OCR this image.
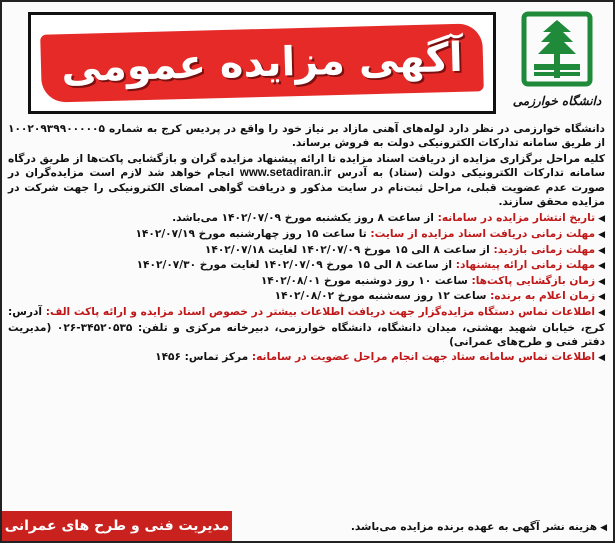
آگهی مزایده عمومی
دانشگاه خوارزمی

دانشگاه خوارزمی در نظر دارد لوله‌های آهنی مازاد بر نیاز خود را واقع در پردیس کرج به شماره ۱۰۰۲۰۹۳۹۹۰۰۰۰۰۵ از طریق سامانه تدارکات الکترونیکی دولت به فروش برساند.

کلیه مراحل برگزاری مزایده از دریافت اسناد مزایده تا ارائه پیشنهاد مزایده گران و بازگشایی پاکت‌ها از طریق درگاه سامانه تدارکات الکترونیکی دولت (ستاد) به آدرس www.setadiran.ir انجام خواهد شد لازم است مزایده‌گران در صورت عدم عضویت قبلی، مراحل ثبت‌نام در سایت مذکور و دریافت گواهی امضای الکترونیکی را جهت شرکت در مزایده محقق سازند.

◀تاریخ انتشار مزایده در سامانه: از ساعت ۸ روز یکشنبه مورخ ۱۴۰۲/۰۷/۰۹ می‌باشد.
◀مهلت زمانی دریافت اسناد مزایده از سایت: تا ساعت ۱۵ روز چهارشنبه مورخ ۱۴۰۲/۰۷/۱۹
◀مهلت زمانی بازدید: از ساعت ۸ الی ۱۵ مورخ ۱۴۰۲/۰۷/۰۹ لغایت ۱۴۰۲/۰۷/۱۸
◀مهلت زمانی ارائه پیشنهاد: از ساعت ۸ الی ۱۵ مورخ ۱۴۰۲/۰۷/۰۹ لغایت مورخ ۱۴۰۲/۰۷/۳۰
◀زمان بازگشایی پاکت‌ها: ساعت ۱۰ روز دوشنبه مورخ ۱۴۰۲/۰۸/۰۱
◀زمان اعلام به برنده: ساعت ۱۲ روز سه‌شنبه مورخ ۱۴۰۲/۰۸/۰۲
◀اطلاعات تماس دستگاه مزایده‌گزار جهت دریافت اطلاعات بیشتر در خصوص اسناد مزایده و ارائه پاکت الف: آدرس: کرج، خیابان شهید بهشتی، میدان دانشگاه، دانشگاه خوارزمی، دبیرخانه مرکزی و تلفن: ۳۴۵۲۰۵۳۵-۰۲۶ (مدیریت دفتر فنی و طرح‌های عمرانی)
◀اطلاعات تماس سامانه ستاد جهت انجام مراحل عضویت در سامانه: مرکز تماس: ۱۴۵۶
◀هزینه نشر آگهی به عهده برنده مزایده می‌باشد.
مدیریت فنی و طرح های عمرانی
